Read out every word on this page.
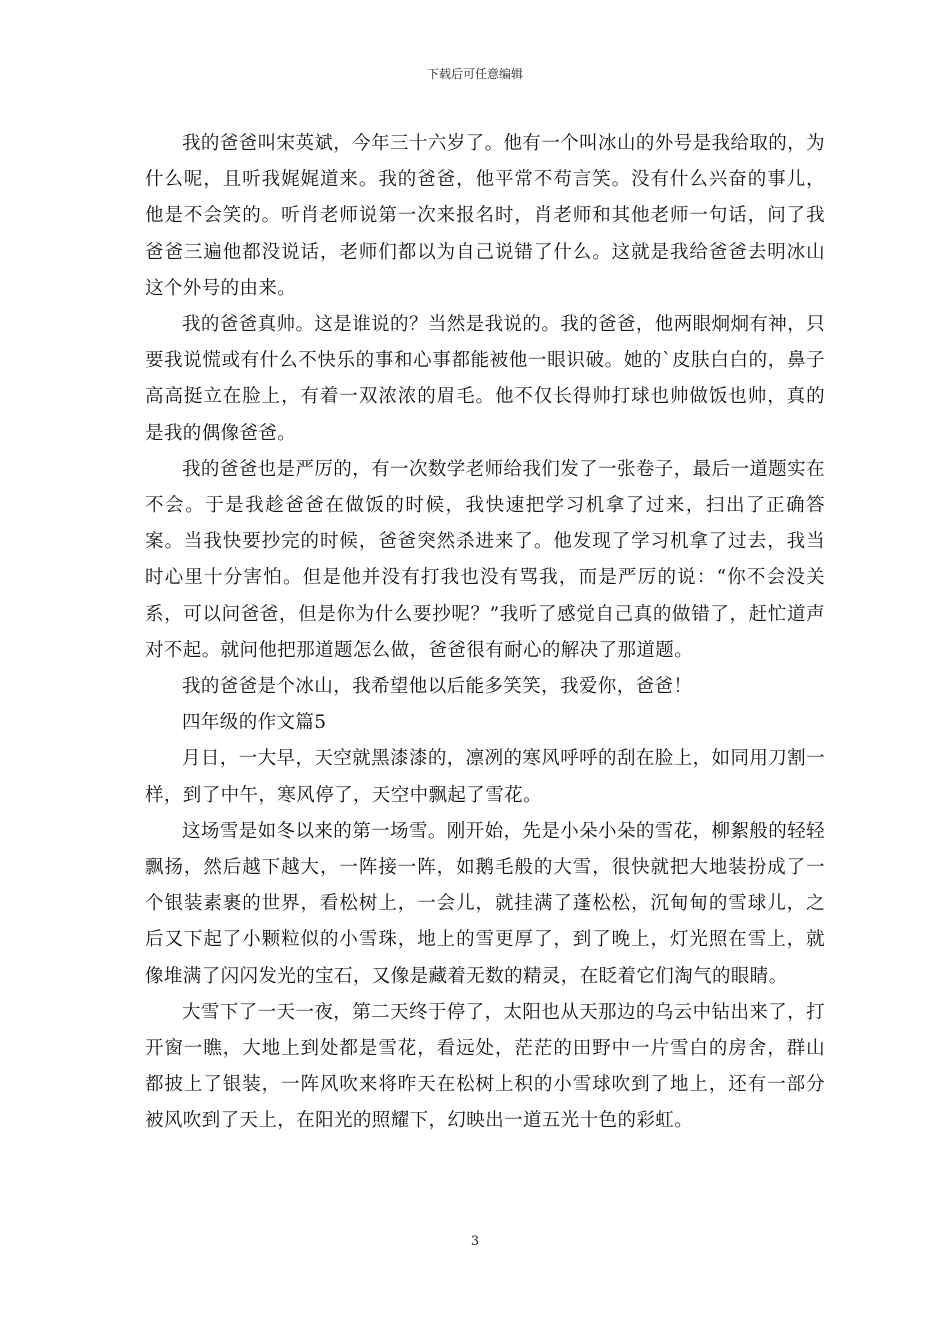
下载后可任意编辑

我的爸爸叫宋英斌，今年三十六岁了。他有一个叫冰山的外号是我给取的，为什么呢，且听我娓娓道来。我的爸爸，他平常不苟言笑。没有什么兴奋的事儿，他是不会笑的。听肖老师说第一次来报名时，肖老师和其他老师一句话，问了我爸爸三遍他都没说话，老师们都以为自己说错了什么。这就是我给爸爸去明冰山这个外号的由来。

我的爸爸真帅。这是谁说的？当然是我说的。我的爸爸，他两眼炯炯有神，只要我说慌或有什么不快乐的事和心事都能被他一眼识破。她的`皮肤白白的，鼻子高高挺立在脸上，有着一双浓浓的眉毛。他不仅长得帅打球也帅做饭也帅，真的是我的偶像爸爸。

我的爸爸也是严厉的，有一次数学老师给我们发了一张卷子，最后一道题实在不会。于是我趁爸爸在做饭的时候，我快速把学习机拿了过来，扫出了正确答案。当我快要抄完的时候，爸爸突然杀进来了。他发现了学习机拿了过去，我当时心里十分害怕。但是他并没有打我也没有骂我，而是严厉的说：“你不会没关系，可以问爸爸，但是你为什么要抄呢？”我听了感觉自己真的做错了，赶忙道声对不起。就问他把那道题怎么做，爸爸很有耐心的解决了那道题。

我的爸爸是个冰山，我希望他以后能多笑笑，我爱你，爸爸！

四年级的作文篇5

月日，一大早，天空就黑漆漆的，凛冽的寒风呼呼的刮在脸上，如同用刀割一样，到了中午，寒风停了，天空中飘起了雪花。

这场雪是如冬以来的第一场雪。刚开始，先是小朵小朵的雪花，柳絮般的轻轻飘扬，然后越下越大，一阵接一阵，如鹅毛般的大雪，很快就把大地装扮成了一个银装素裹的世界，看松树上，一会儿，就挂满了蓬松松，沉甸甸的雪球儿，之后又下起了小颗粒似的小雪珠，地上的雪更厚了，到了晚上，灯光照在雪上，就像堆满了闪闪发光的宝石，又像是藏着无数的精灵，在眨着它们淘气的眼睛。

大雪下了一天一夜，第二天终于停了，太阳也从天那边的乌云中钻出来了，打开窗一瞧，大地上到处都是雪花，看远处，茫茫的田野中一片雪白的房舍，群山都披上了银装，一阵风吹来将昨天在松树上积的小雪球吹到了地上，还有一部分被风吹到了天上，在阳光的照耀下，幻映出一道五光十色的彩虹。

3
